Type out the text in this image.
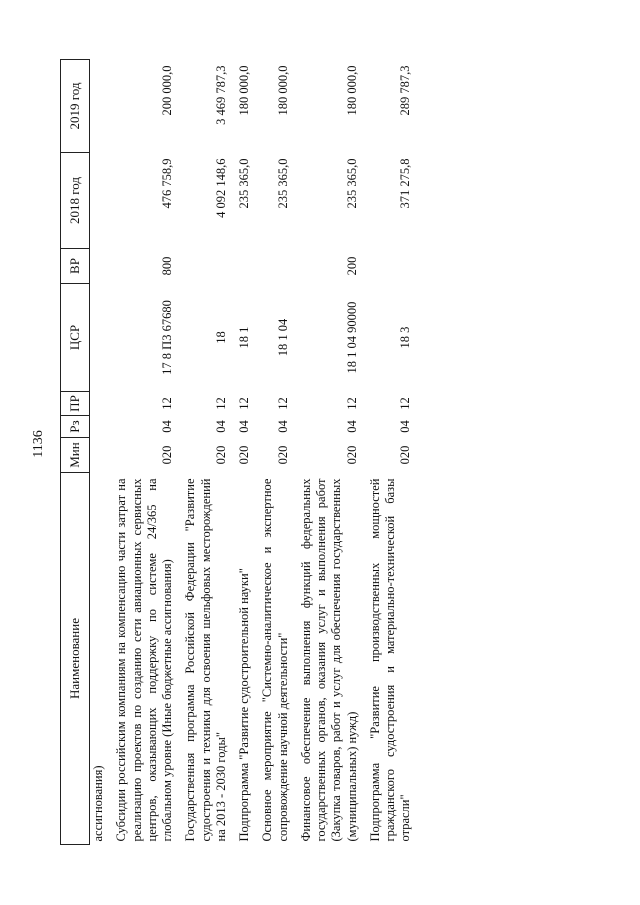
1136
Наименование	Мин	Рз	ПР	ЦСР	ВР	2018 год	2019 год
ассигнования)							
Субсидии российским компаниям на компенсацию части затрат на реализацию проектов по созданию сети авиационных сервисных центров, оказывающих поддержку по системе 24/365 на глобальном уровне (Иные бюджетные ассигнования)	020	04	12	17 8 П3 67680	800	476 758,9	200 000,0
Государственная программа Российской Федерации "Развитие судостроения и техники для освоения шельфовых месторождений на 2013 - 2030 годы"	020	04	12	18		4 092 148,6	3 469 787,3
Подпрограмма "Развитие судостроительной науки"	020	04	12	18 1		235 365,0	180 000,0
Основное мероприятие "Системно-аналитическое и экспертное сопровождение научной деятельности"	020	04	12	18 1 04		235 365,0	180 000,0
Финансовое обеспечение выполнения функций федеральных государственных органов, оказания услуг и выполнения работ (Закупка товаров, работ и услуг для обеспечения государственных (муниципальных) нужд)	020	04	12	18 1 04 90000	200	235 365,0	180 000,0
Подпрограмма "Развитие производственных мощностей гражданского судостроения и материально-технической базы отрасли"	020	04	12	18 3		371 275,8	289 787,3
